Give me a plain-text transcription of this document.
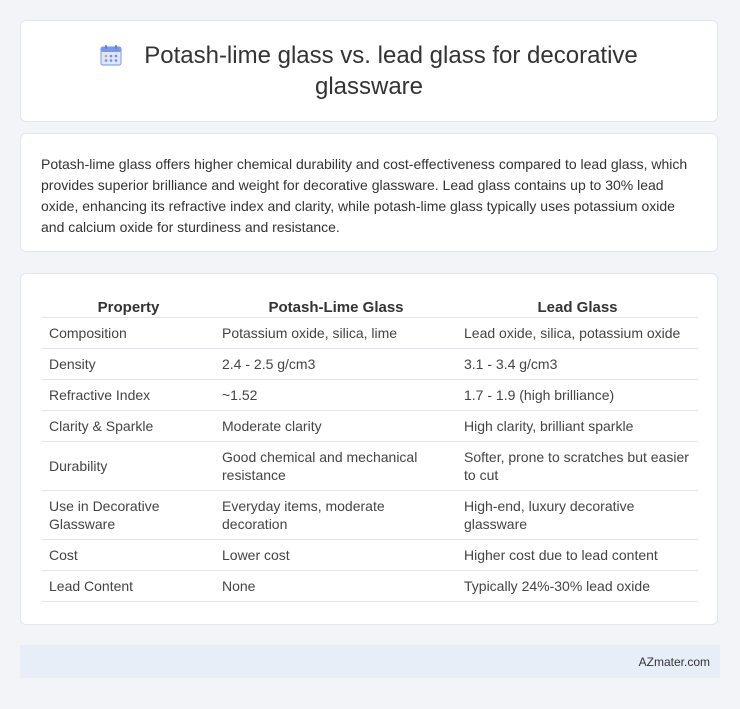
Potash-lime glass vs. lead glass for decorative glassware

Potash-lime glass offers higher chemical durability and cost-effectiveness compared to lead glass, which provides superior brilliance and weight for decorative glassware. Lead glass contains up to 30% lead oxide, enhancing its refractive index and clarity, while potash-lime glass typically uses potassium oxide and calcium oxide for sturdiness and resistance.

Property	Potash-Lime Glass	Lead Glass
Composition	Potassium oxide, silica, lime	Lead oxide, silica, potassium oxide
Density	2.4 - 2.5 g/cm3	3.1 - 3.4 g/cm3
Refractive Index	~1.52	1.7 - 1.9 (high brilliance)
Clarity & Sparkle	Moderate clarity	High clarity, brilliant sparkle
Durability	Good chemical and mechanical resistance	Softer, prone to scratches but easier to cut
Use in Decorative Glassware	Everyday items, moderate decoration	High-end, luxury decorative glassware
Cost	Lower cost	Higher cost due to lead content
Lead Content	None	Typically 24%-30% lead oxide
AZmater.com
